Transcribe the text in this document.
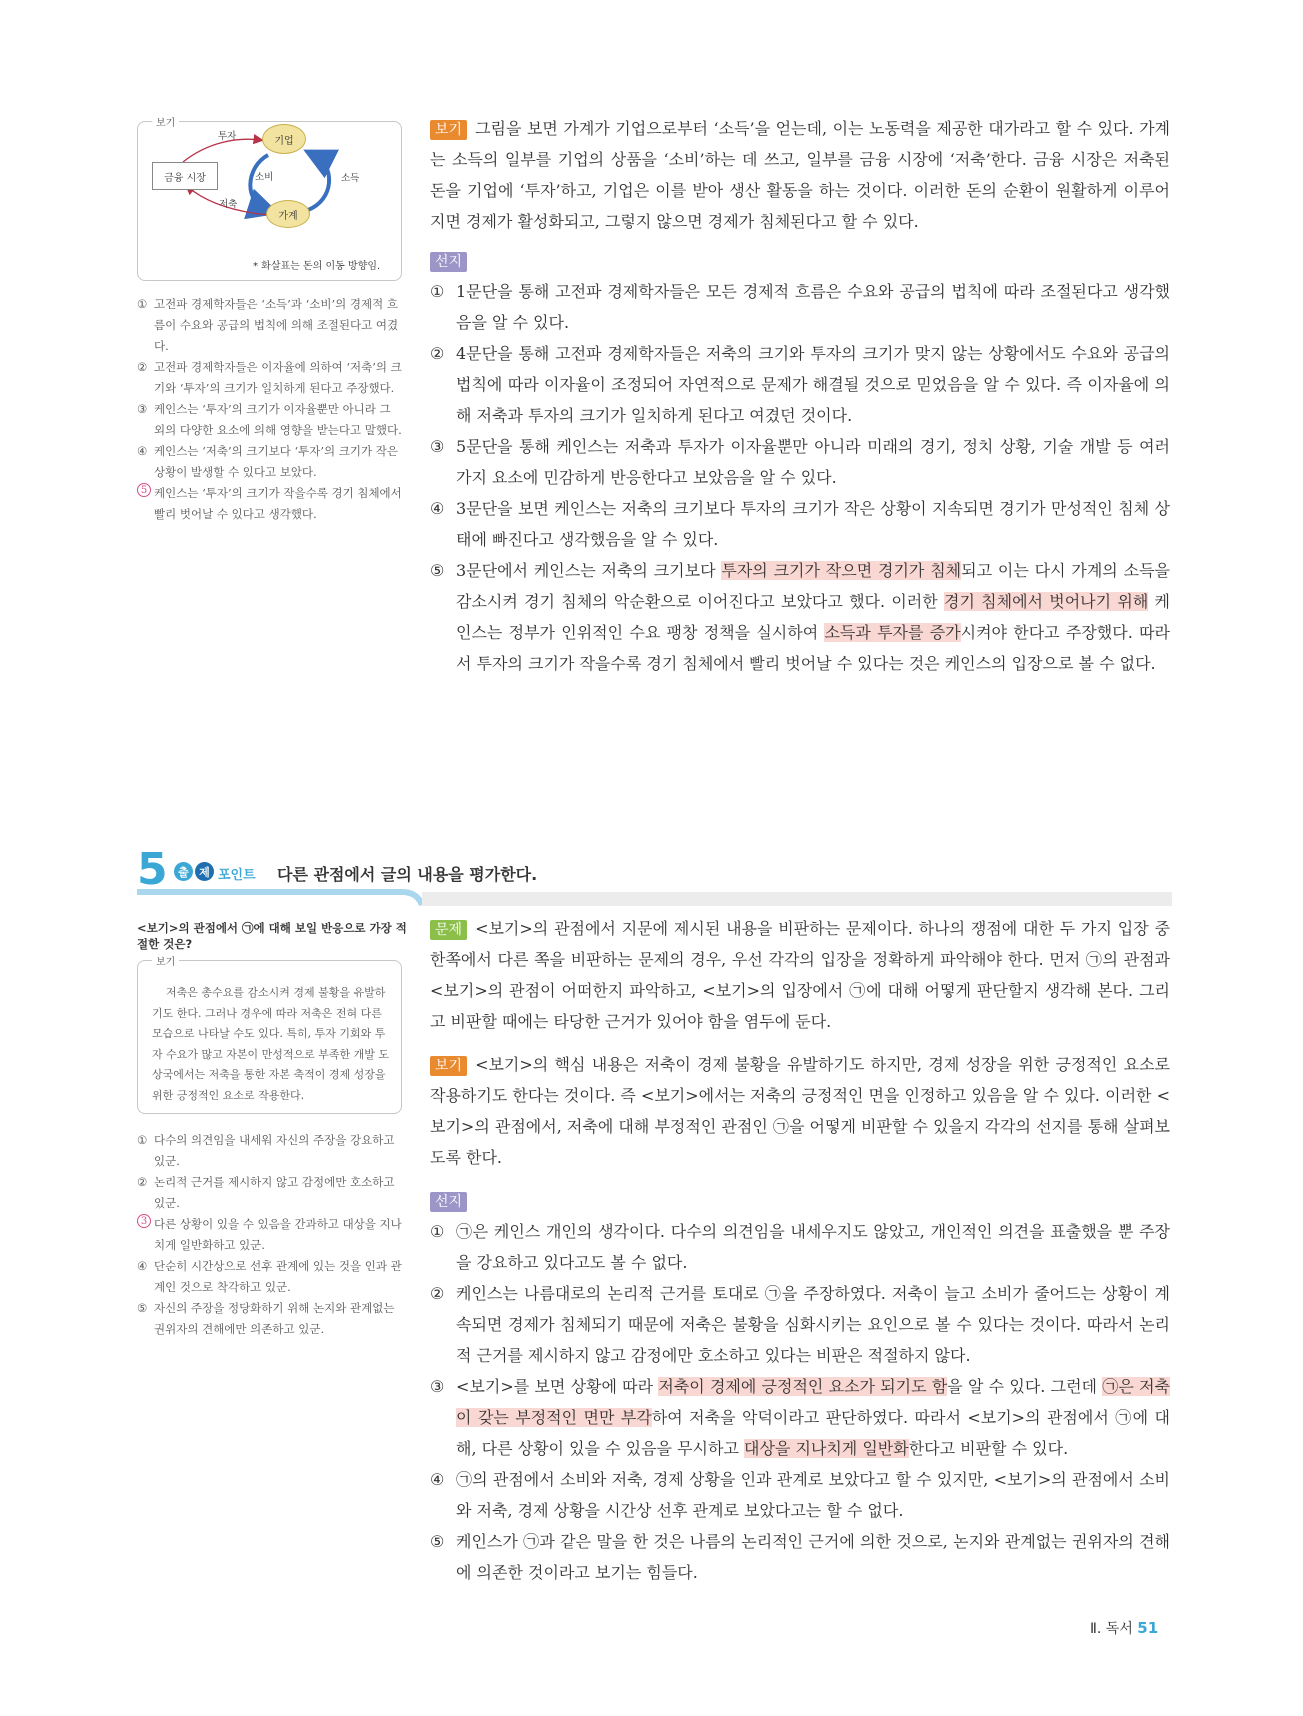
보기
기업
가계
금융 시장
투자
소비	소득
저축
* 화살표는 돈의 이동 방향임.
① 고전파 경제학자들은 ‘소득’과 ‘소비’의 경제적 흐름이 수요와 공급의 법칙에 의해 조절된다고 여겼다.
② 고전파 경제학자들은 이자율에 의하여 ‘저축’의 크기와 ‘투자’의 크기가 일치하게 된다고 주장했다.
③ 케인스는 ‘투자’의 크기가 이자율뿐만 아니라 그 외의 다양한 요소에 의해 영향을 받는다고 말했다.
④ 케인스는 ‘저축’의 크기보다 ‘투자’의 크기가 작은 상황이 발생할 수 있다고 보았다.
5 케인스는 ‘투자’의 크기가 작을수록 경기 침체에서 빨리 벗어날 수 있다고 생각했다.
보기 그림을 보면 가계가 기업으로부터 ‘소득’을 얻는데, 이는 노동력을 제공한 대가라고 할 수 있다. 가계는 소득의 일부를 기업의 상품을 ‘소비’하는 데 쓰고, 일부를 금융 시장에 ‘저축’한다. 금융 시장은 저축된 돈을 기업에 ‘투자’하고, 기업은 이를 받아 생산 활동을 하는 것이다. 이러한 돈의 순환이 원활하게 이루어지면 경제가 활성화되고, 그렇지 않으면 경제가 침체된다고 할 수 있다.
선지
① 1문단을 통해 고전파 경제학자들은 모든 경제적 흐름은 수요와 공급의 법칙에 따라 조절된다고 생각했음을 알 수 있다.
② 4문단을 통해 고전파 경제학자들은 저축의 크기와 투자의 크기가 맞지 않는 상황에서도 수요와 공급의 법칙에 따라 이자율이 조정되어 자연적으로 문제가 해결될 것으로 믿었음을 알 수 있다. 즉 이자율에 의해 저축과 투자의 크기가 일치하게 된다고 여겼던 것이다.
③ 5문단을 통해 케인스는 저축과 투자가 이자율뿐만 아니라 미래의 경기, 정치 상황, 기술 개발 등 여러 가지 요소에 민감하게 반응한다고 보았음을 알 수 있다.
④ 3문단을 보면 케인스는 저축의 크기보다 투자의 크기가 작은 상황이 지속되면 경기가 만성적인 침체 상태에 빠진다고 생각했음을 알 수 있다.
⑤ 3문단에서 케인스는 저축의 크기보다 투자의 크기가 작으면 경기가 침체되고 이는 다시 가계의 소득을 감소시켜 경기 침체의 악순환으로 이어진다고 보았다고 했다. 이러한 경기 침체에서 벗어나기 위해 케인스는 정부가 인위적인 수요 팽창 정책을 실시하여 소득과 투자를 증가시켜야 한다고 주장했다. 따라서 투자의 크기가 작을수록 경기 침체에서 빨리 벗어날 수 있다는 것은 케인스의 입장으로 볼 수 없다.
5 출 제 포인트 다른 관점에서 글의 내용을 평가한다.
<보기>의 관점에서 ㉠에 대해 보일 반응으로 가장 적절한 것은?
보기
저축은 총수요를 감소시켜 경제 불황을 유발하기도 한다. 그러나 경우에 따라 저축은 전혀 다른 모습으로 나타날 수도 있다. 특히, 투자 기회와 투자 수요가 많고 자본이 만성적으로 부족한 개발 도상국에서는 저축을 통한 자본 축적이 경제 성장을 위한 긍정적인 요소로 작용한다.
① 다수의 의견임을 내세워 자신의 주장을 강요하고 있군.
② 논리적 근거를 제시하지 않고 감정에만 호소하고 있군.
3 다른 상황이 있을 수 있음을 간과하고 대상을 지나치게 일반화하고 있군.
④ 단순히 시간상으로 선후 관계에 있는 것을 인과 관계인 것으로 착각하고 있군.
⑤ 자신의 주장을 정당화하기 위해 논지와 관계없는 권위자의 견해에만 의존하고 있군.
문제 <보기>의 관점에서 지문에 제시된 내용을 비판하는 문제이다. 하나의 쟁점에 대한 두 가지 입장 중 한쪽에서 다른 쪽을 비판하는 문제의 경우, 우선 각각의 입장을 정확하게 파악해야 한다. 먼저 ㉠의 관점과 <보기>의 관점이 어떠한지 파악하고, <보기>의 입장에서 ㉠에 대해 어떻게 판단할지 생각해 본다. 그리고 비판할 때에는 타당한 근거가 있어야 함을 염두에 둔다.
보기 <보기>의 핵심 내용은 저축이 경제 불황을 유발하기도 하지만, 경제 성장을 위한 긍정적인 요소로 작용하기도 한다는 것이다. 즉 <보기>에서는 저축의 긍정적인 면을 인정하고 있음을 알 수 있다. 이러한 <보기>의 관점에서, 저축에 대해 부정적인 관점인 ㉠을 어떻게 비판할 수 있을지 각각의 선지를 통해 살펴보도록 한다.
선지
① ㉠은 케인스 개인의 생각이다. 다수의 의견임을 내세우지도 않았고, 개인적인 의견을 표출했을 뿐 주장을 강요하고 있다고도 볼 수 없다.
② 케인스는 나름대로의 논리적 근거를 토대로 ㉠을 주장하였다. 저축이 늘고 소비가 줄어드는 상황이 계속되면 경제가 침체되기 때문에 저축은 불황을 심화시키는 요인으로 볼 수 있다는 것이다. 따라서 논리적 근거를 제시하지 않고 감정에만 호소하고 있다는 비판은 적절하지 않다.
③ <보기>를 보면 상황에 따라 저축이 경제에 긍정적인 요소가 되기도 함을 알 수 있다. 그런데 ㉠은 저축이 갖는 부정적인 면만 부각하여 저축을 악덕이라고 판단하였다. 따라서 <보기>의 관점에서 ㉠에 대해, 다른 상황이 있을 수 있음을 무시하고 대상을 지나치게 일반화한다고 비판할 수 있다.
④ ㉠의 관점에서 소비와 저축, 경제 상황을 인과 관계로 보았다고 할 수 있지만, <보기>의 관점에서 소비와 저축, 경제 상황을 시간상 선후 관계로 보았다고는 할 수 없다.
⑤ 케인스가 ㉠과 같은 말을 한 것은 나름의 논리적인 근거에 의한 것으로, 논지와 관계없는 권위자의 견해에 의존한 것이라고 보기는 힘들다.
Ⅱ. 독서 51
